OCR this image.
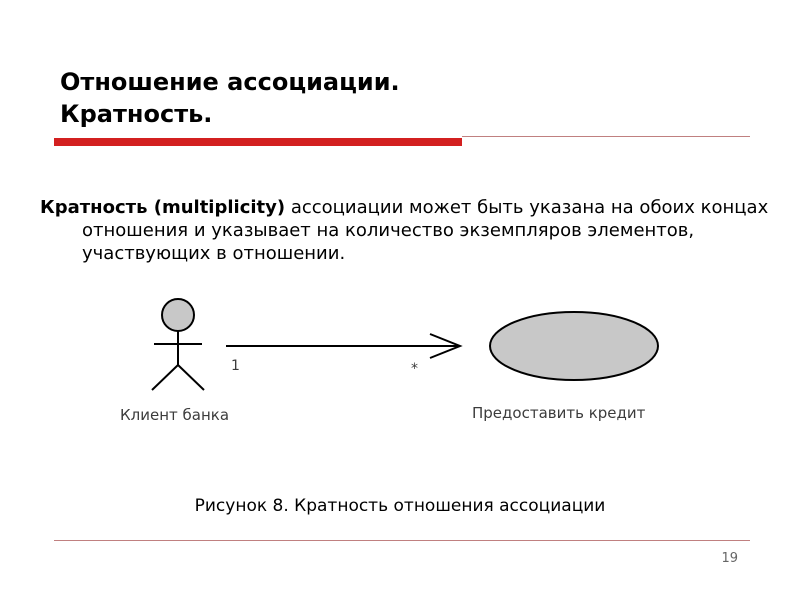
Отношение ассоциации.
Кратность.

Кратность (multiplicity) ассоциации может быть указана на обоих концах отношения и указывает на количество экземпляров элементов, участвующих в отношении.

1	*
Клиент банка	Предоставить кредит
Рисунок 8. Кратность отношения ассоциации
19
